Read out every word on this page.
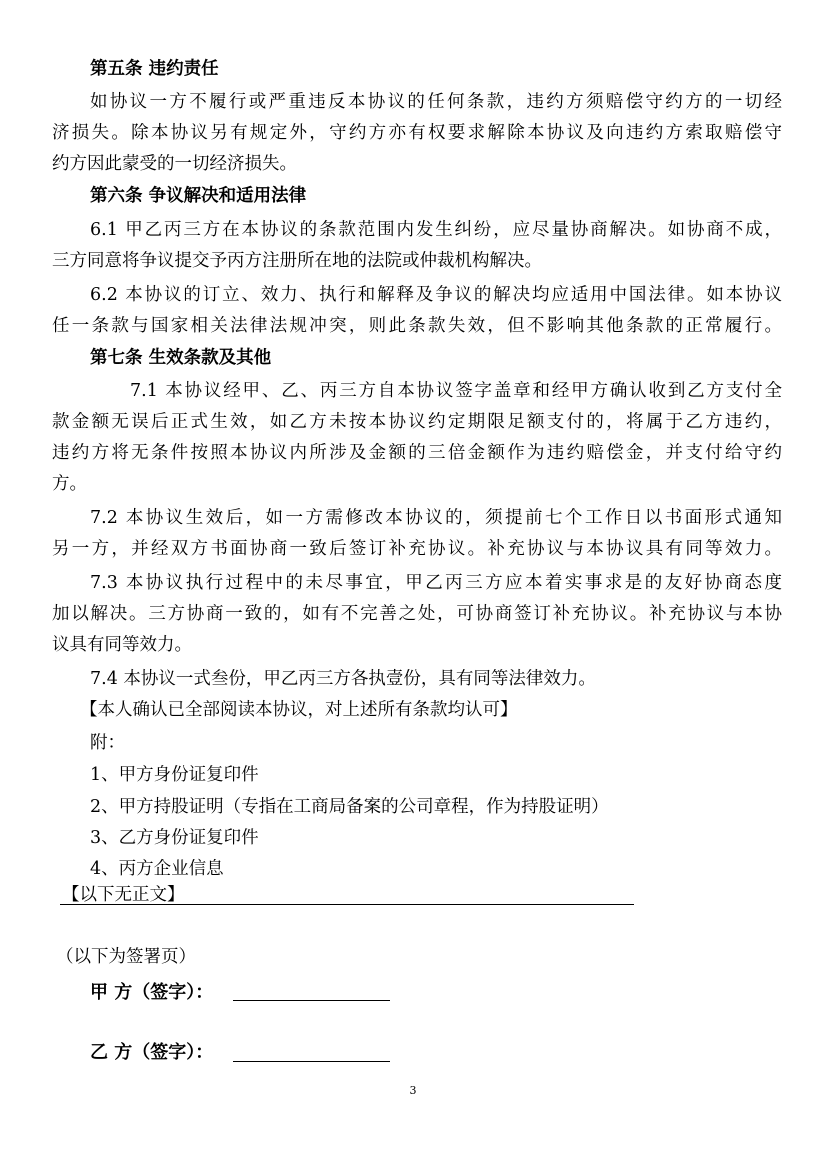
第五条 违约责任
如协议一方不履行或严重违反本协议的任何条款，违约方须赔偿守约方的一切经
济损失。除本协议另有规定外，守约方亦有权要求解除本协议及向违约方索取赔偿守
约方因此蒙受的一切经济损失。
第六条 争议解决和适用法律
6.1 甲乙丙三方在本协议的条款范围内发生纠纷，应尽量协商解决。如协商不成，
三方同意将争议提交予丙方注册所在地的法院或仲裁机构解决。
6.2 本协议的订立、效力、执行和解释及争议的解决均应适用中国法律。如本协议
任一条款与国家相关法律法规冲突，则此条款失效，但不影响其他条款的正常履行。
第七条 生效条款及其他
7.1 本协议经甲、乙、丙三方自本协议签字盖章和经甲方确认收到乙方支付全
款金额无误后正式生效，如乙方未按本协议约定期限足额支付的，将属于乙方违约，
违约方将无条件按照本协议内所涉及金额的三倍金额作为违约赔偿金，并支付给守约
方。
7.2 本协议生效后，如一方需修改本协议的，须提前七个工作日以书面形式通知
另一方，并经双方书面协商一致后签订补充协议。补充协议与本协议具有同等效力。
7.3 本协议执行过程中的未尽事宜，甲乙丙三方应本着实事求是的友好协商态度
加以解决。三方协商一致的，如有不完善之处，可协商签订补充协议。补充协议与本协
议具有同等效力。
7.4 本协议一式叁份，甲乙丙三方各执壹份，具有同等法律效力。
【本人确认已全部阅读本协议，对上述所有条款均认可】
附：
1、甲方身份证复印件
2、甲方持股证明（专指在工商局备案的公司章程，作为持股证明）
3、乙方身份证复印件
4、丙方企业信息
【以下无正文】
（以下为签署页）
甲 方（签字）：
乙 方（签字）：
3
